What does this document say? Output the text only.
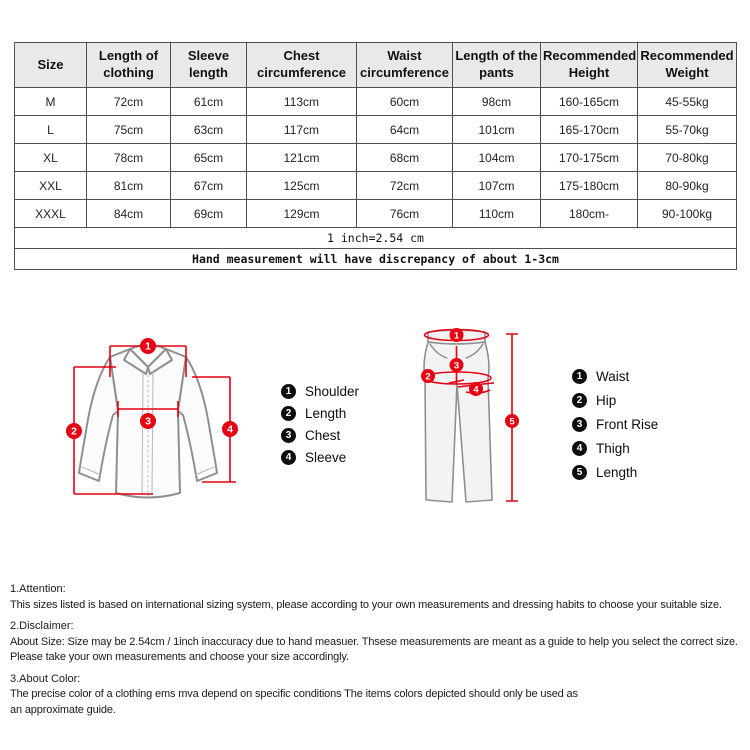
Size	Length of clothing	Sleeve length	Chest circumference	Waist circumference	Length of the pants	Recommended Height	Recommended Weight
M	72cm	61cm	113cm	60cm	98cm	160-165cm	45-55kg
L	75cm	63cm	117cm	64cm	101cm	165-170cm	55-70kg
XL	78cm	65cm	121cm	68cm	104cm	170-175cm	70-80kg
XXL	81cm	67cm	125cm	72cm	107cm	175-180cm	80-90kg
XXXL	84cm	69cm	129cm	76cm	110cm	180cm-	90-100kg
1 inch=2.54 cm							
Hand measurement will have discrepancy of about 1-3cm							
1
2
3
4
1	Shoulder
2	Length
3	Chest
4	Sleeve
1
2
3
4
5
1	Waist
2	Hip
3	Front Rise
4	Thigh
5	Length
1.Attention:
This sizes listed is based on international sizing system, please according to your own measurements and dressing habits to choose your suitable size.
2.Disclaimer:
About Size: Size may be 2.54cm / 1inch inaccuracy due to hand measuer. Thsese measurements are meant as a guide to help you select the correct size.
Please take your own measurements and choose your size accordingly.
3.About Color:
The precise color of a clothing ems mva depend on specific conditions The items colors depicted should only be used as
an approximate guide.
